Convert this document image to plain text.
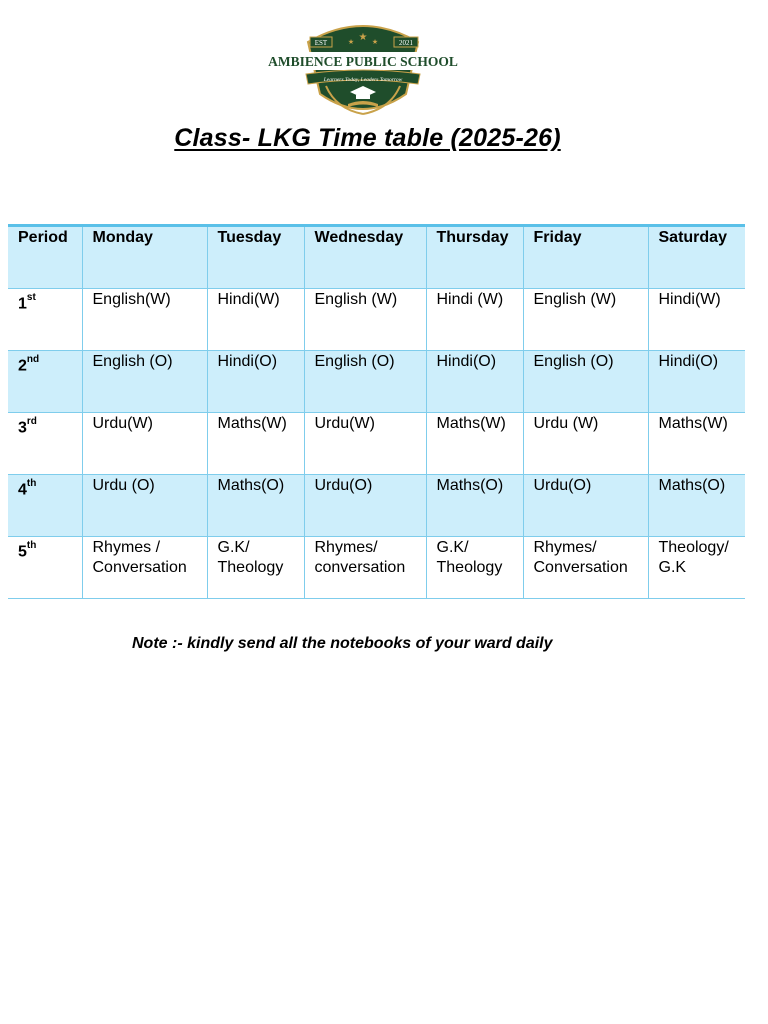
EST	2021
★
★	★
AMBIENCE PUBLIC SCHOOL
Learners Today, Leaders Tomorrow
Class- LKG Time table (2025-26)
Period	Monday	Tuesday	Wednesday	Thursday	Friday	Saturday
1st	English(W)	Hindi(W)	English (W)	Hindi (W)	English (W)	Hindi(W)
2nd	English (O)	Hindi(O)	English (O)	Hindi(O)	English (O)	Hindi(O)
3rd	Urdu(W)	Maths(W)	Urdu(W)	Maths(W)	Urdu (W)	Maths(W)
4th	Urdu (O)	Maths(O)	Urdu(O)	Maths(O)	Urdu(O)	Maths(O)
5th	Rhymes / Conversation	G.K/ Theology	Rhymes/ conversation	G.K/ Theology	Rhymes/ Conversation	Theology/ G.K
Note :- kindly send all the notebooks of your ward daily
